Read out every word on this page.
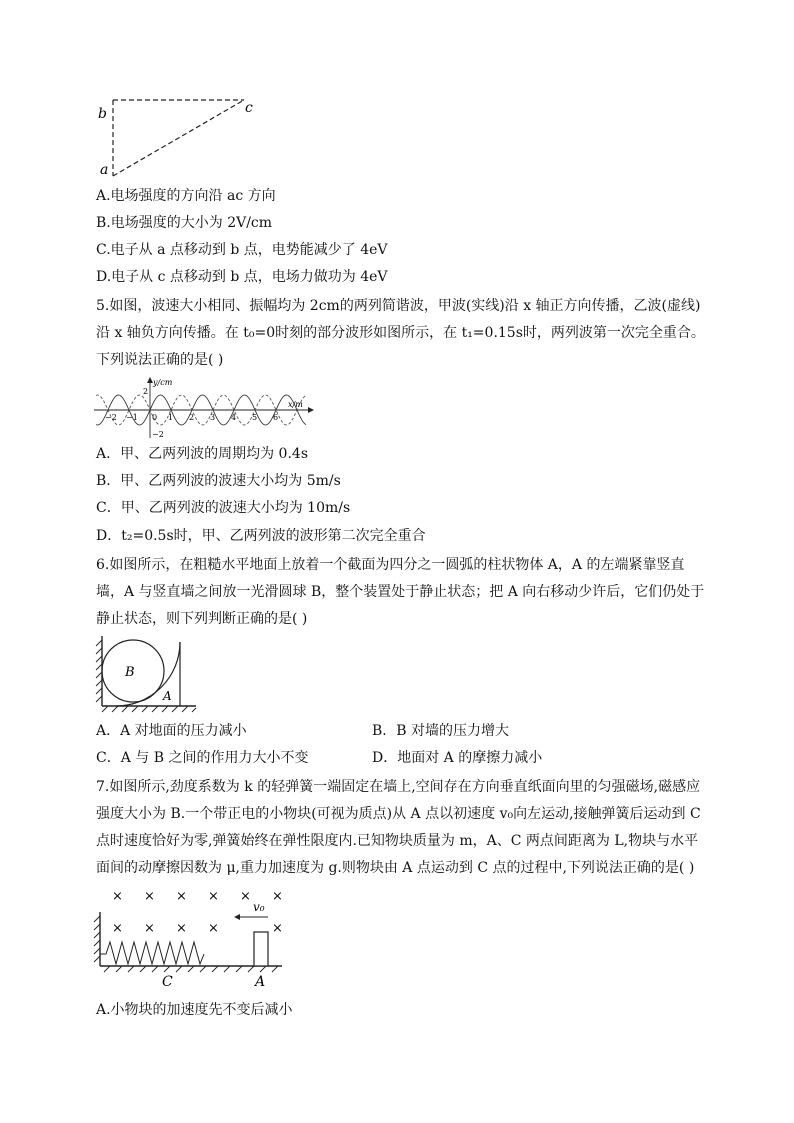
b
a
c
A.电场强度的方向沿 ac 方向
B.电场强度的大小为 2V/cm
C.电子从 a 点移动到 b 点，电势能减少了 4eV
D.电子从 c 点移动到 b 点，电场力做功为 4eV
5.如图，波速大小相同、振幅均为 2cm的两列简谐波，甲波(实线)沿 x 轴正方向传播，乙波(虚线)
沿 x 轴负方向传播。在 t₀=0时刻的部分波形如图所示，在 t₁=0.15s时，两列波第一次完全重合。
下列说法正确的是( )
y/cm
x/m
2
−2
−2 −1	1 2 3 4 5 6
0
A．甲、乙两列波的周期均为 0.4s
B．甲、乙两列波的波速大小均为 5m/s
C．甲、乙两列波的波速大小均为 10m/s
D．t₂=0.5s时，甲、乙两列波的波形第二次完全重合
6.如图所示，在粗糙水平地面上放着一个截面为四分之一圆弧的柱状物体 A，A 的左端紧靠竖直
墙，A 与竖直墙之间放一光滑圆球 B，整个装置处于静止状态；把 A 向右移动少许后，它们仍处于
静止状态，则下列判断正确的是( )
B
A
A．A 对地面的压力减小	B．B 对墙的压力增大
C．A 与 B 之间的作用力大小不变	D．地面对 A 的摩擦力减小
7.如图所示,劲度系数为 k 的轻弹簧一端固定在墙上,空间存在方向垂直纸面向里的匀强磁场,磁感应
强度大小为 B.一个带正电的小物块(可视为质点)从 A 点以初速度 v₀向左运动,接触弹簧后运动到 C
点时速度恰好为零,弹簧始终在弹性限度内.已知物块质量为 m，A、C 两点间距离为 L,物块与水平
面间的动摩擦因数为 μ,重力加速度为 g.则物块由 A 点运动到 C 点的过程中,下列说法正确的是( )
× × × × × ×
× × × ×	×
v₀
C	A
A.小物块的加速度先不变后减小
